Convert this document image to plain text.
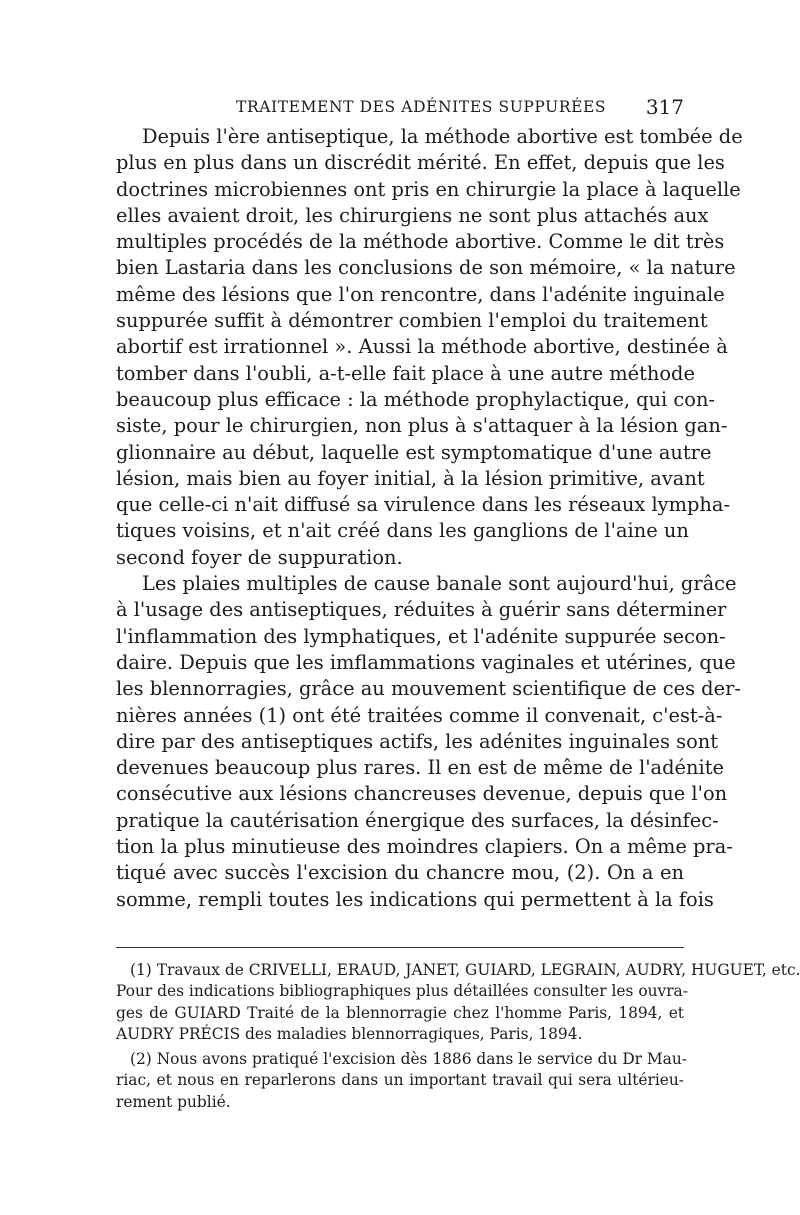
TRAITEMENT DES ADÉNITES SUPPURÉES 317
Depuis l'ère antiseptique, la méthode abortive est tombée de
plus en plus dans un discrédit mérité. En effet, depuis que les
doctrines microbiennes ont pris en chirurgie la place à laquelle
elles avaient droit, les chirurgiens ne sont plus attachés aux
multiples procédés de la méthode abortive. Comme le dit très
bien Lastaria dans les conclusions de son mémoire, « la nature
même des lésions que l'on rencontre, dans l'adénite inguinale
suppurée suffit à démontrer combien l'emploi du traitement
abortif est irrationnel ». Aussi la méthode abortive, destinée à
tomber dans l'oubli, a-t-elle fait place à une autre méthode
beaucoup plus efficace : la méthode prophylactique, qui con-
siste, pour le chirurgien, non plus à s'attaquer à la lésion gan-
glionnaire au début, laquelle est symptomatique d'une autre
lésion, mais bien au foyer initial, à la lésion primitive, avant
que celle-ci n'ait diffusé sa virulence dans les réseaux lympha-
tiques voisins, et n'ait créé dans les ganglions de l'aine un
second foyer de suppuration.
Les plaies multiples de cause banale sont aujourd'hui, grâce
à l'usage des antiseptiques, réduites à guérir sans déterminer
l'inflammation des lymphatiques, et l'adénite suppurée secon-
daire. Depuis que les imflammations vaginales et utérines, que
les blennorragies, grâce au mouvement scientifique de ces der-
nières années (1) ont été traitées comme il convenait, c'est-à-
dire par des antiseptiques actifs, les adénites inguinales sont
devenues beaucoup plus rares. Il en est de même de l'adénite
consécutive aux lésions chancreuses devenue, depuis que l'on
pratique la cautérisation énergique des surfaces, la désinfec-
tion la plus minutieuse des moindres clapiers. On a même pra-
tiqué avec succès l'excision du chancre mou, (2). On a en
somme, rempli toutes les indications qui permettent à la fois
(1) Travaux de CRIVELLI, ERAUD, JANET, GUIARD, LEGRAIN, AUDRY, HUGUET, etc.
Pour des indications bibliographiques plus détaillées consulter les ouvra-
ges de GUIARD Traité de la blennorragie chez l'homme Paris, 1894, et
AUDRY PRÉCIS des maladies blennorragiques, Paris, 1894.
(2) Nous avons pratiqué l'excision dès 1886 dans le service du Dr Mau-
riac, et nous en reparlerons dans un important travail qui sera ultérieu-
rement publié.
